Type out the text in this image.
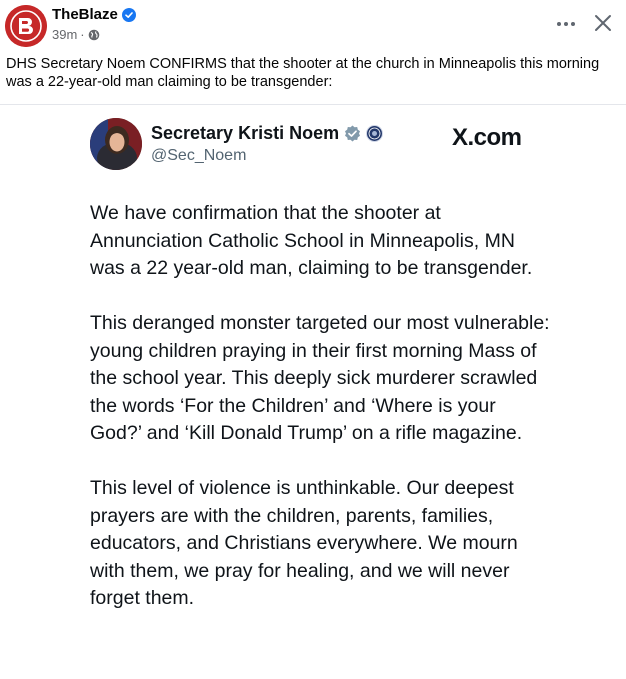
TheBlaze
39m ·
DHS Secretary Noem CONFIRMS that the shooter at the church in Minneapolis this morning was a 22-year-old man claiming to be transgender:
Secretary Kristi Noem
@Sec_Noem
X.com

We have confirmation that the shooter at Annunciation Catholic School in Minneapolis, MN was a 22 year-old man, claiming to be transgender.

This deranged monster targeted our most vulnerable: young children praying in their first morning Mass of the school year. This deeply sick murderer scrawled the words ‘For the Children’ and ‘Where is your God?’ and ‘Kill Donald Trump’ on a rifle magazine.

This level of violence is unthinkable. Our deepest prayers are with the children, parents, families, educators, and Christians everywhere. We mourn with them, we pray for healing, and we will never forget them.
